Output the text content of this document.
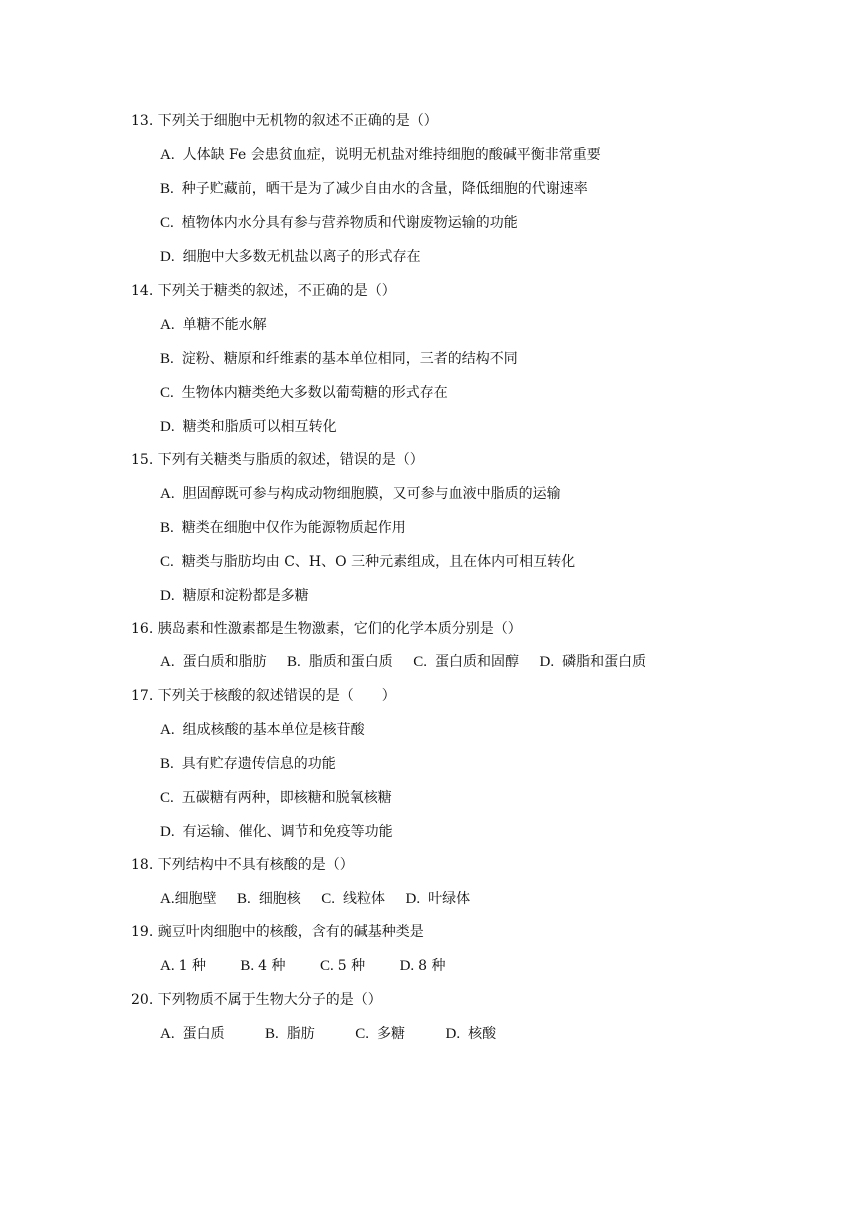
13. 下列关于细胞中无机物的叙述不正确的是（）
A. 人体缺 Fe 会患贫血症，说明无机盐对维持细胞的酸碱平衡非常重要
B. 种子贮藏前，晒干是为了减少自由水的含量，降低细胞的代谢速率
C. 植物体内水分具有参与营养物质和代谢废物运输的功能
D. 细胞中大多数无机盐以离子的形式存在
14. 下列关于糖类的叙述，不正确的是（）
A. 单糖不能水解
B. 淀粉、糖原和纤维素的基本单位相同，三者的结构不同
C. 生物体内糖类绝大多数以葡萄糖的形式存在
D. 糖类和脂质可以相互转化
15. 下列有关糖类与脂质的叙述，错误的是（）
A. 胆固醇既可参与构成动物细胞膜，又可参与血液中脂质的运输
B. 糖类在细胞中仅作为能源物质起作用
C. 糖类与脂肪均由 C、H、O 三种元素组成，且在体内可相互转化
D. 糖原和淀粉都是多糖
16. 胰岛素和性激素都是生物激素，它们的化学本质分别是（）
A. 蛋白质和脂肪 B. 脂质和蛋白质 C. 蛋白质和固醇 D. 磷脂和蛋白质
17. 下列关于核酸的叙述错误的是（　　）
A. 组成核酸的基本单位是核苷酸
B. 具有贮存遗传信息的功能
C. 五碳糖有两种，即核糖和脱氧核糖
D. 有运输、催化、调节和免疫等功能
18. 下列结构中不具有核酸的是（）
A.细胞壁 B. 细胞核 C. 线粒体 D. 叶绿体
19. 豌豆叶肉细胞中的核酸，含有的碱基种类是
A. 1 种 B. 4 种 C. 5 种 D. 8 种
20. 下列物质不属于生物大分子的是（）
A. 蛋白质	B. 脂肪	C. 多糖	D. 核酸
